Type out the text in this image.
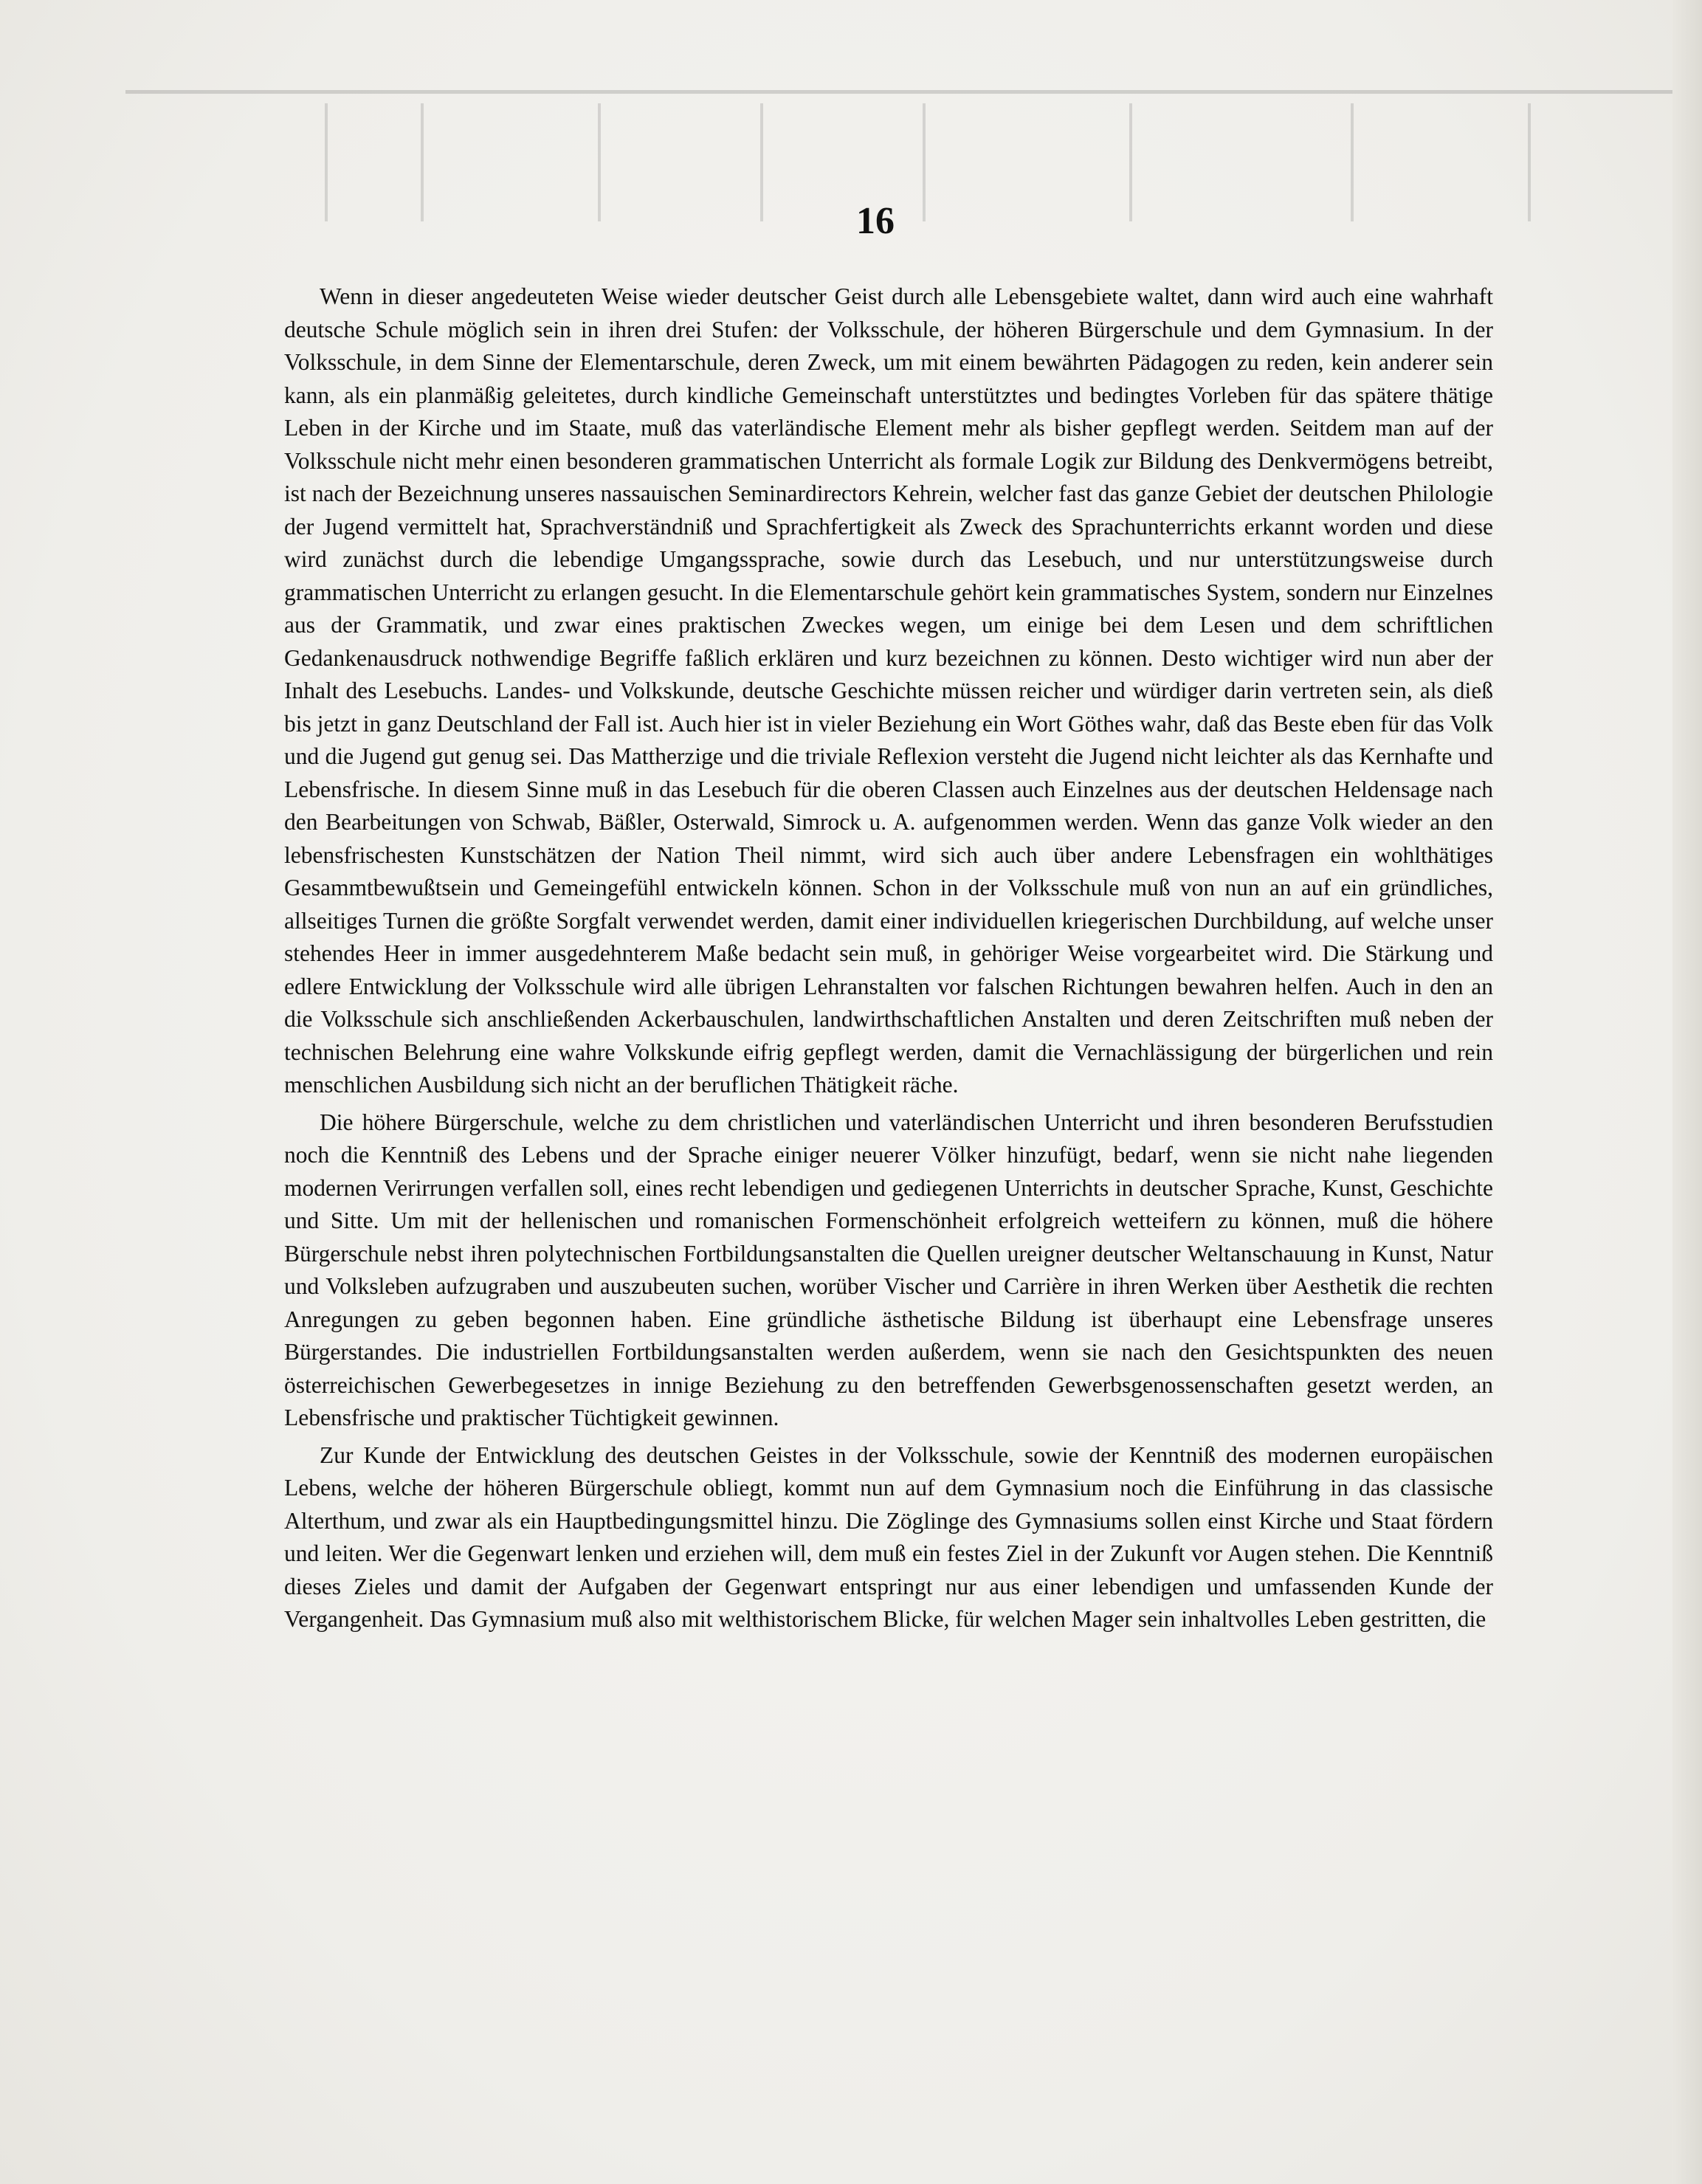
16

Wenn in dieser angedeuteten Weise wieder deutscher Geist durch alle Lebensgebiete waltet, dann wird auch eine wahrhaft deutsche Schule möglich sein in ihren drei Stufen: der Volksschule, der höheren Bürgerschule und dem Gymnasium. In der Volksschule, in dem Sinne der Elementarschule, deren Zweck, um mit einem bewährten Pädagogen zu reden, kein anderer sein kann, als ein planmäßig geleitetes, durch kindliche Gemeinschaft unterstütztes und bedingtes Vorleben für das spätere thätige Leben in der Kirche und im Staate, muß das vaterländische Element mehr als bisher gepflegt werden. Seitdem man auf der Volksschule nicht mehr einen besonderen grammatischen Unterricht als formale Logik zur Bildung des Denkvermögens betreibt, ist nach der Bezeichnung unseres nassauischen Seminardirectors Kehrein, welcher fast das ganze Gebiet der deutschen Philologie der Jugend vermittelt hat, Sprachverständniß und Sprachfertigkeit als Zweck des Sprachunterrichts erkannt worden und diese wird zunächst durch die lebendige Umgangssprache, sowie durch das Lesebuch, und nur unterstützungsweise durch grammatischen Unterricht zu erlangen gesucht. In die Elementarschule gehört kein grammatisches System, sondern nur Einzelnes aus der Grammatik, und zwar eines praktischen Zweckes wegen, um einige bei dem Lesen und dem schriftlichen Gedankenausdruck nothwendige Begriffe faßlich erklären und kurz bezeichnen zu können. Desto wichtiger wird nun aber der Inhalt des Lesebuchs. Landes- und Volkskunde, deutsche Geschichte müssen reicher und würdiger darin vertreten sein, als dieß bis jetzt in ganz Deutschland der Fall ist. Auch hier ist in vieler Beziehung ein Wort Göthes wahr, daß das Beste eben für das Volk und die Jugend gut genug sei. Das Mattherzige und die triviale Reflexion versteht die Jugend nicht leichter als das Kernhafte und Lebensfrische. In diesem Sinne muß in das Lesebuch für die oberen Classen auch Einzelnes aus der deutschen Heldensage nach den Bearbeitungen von Schwab, Bäßler, Osterwald, Simrock u. A. aufgenommen werden. Wenn das ganze Volk wieder an den lebensfrischesten Kunstschätzen der Nation Theil nimmt, wird sich auch über andere Lebensfragen ein wohlthätiges Gesammtbewußtsein und Gemeingefühl entwickeln können. Schon in der Volksschule muß von nun an auf ein gründliches, allseitiges Turnen die größte Sorgfalt verwendet werden, damit einer individuellen kriegerischen Durchbildung, auf welche unser stehendes Heer in immer ausgedehnterem Maße bedacht sein muß, in gehöriger Weise vorgearbeitet wird. Die Stärkung und edlere Entwicklung der Volksschule wird alle übrigen Lehranstalten vor falschen Richtungen bewahren helfen. Auch in den an die Volksschule sich anschließenden Ackerbauschulen, landwirthschaftlichen Anstalten und deren Zeitschriften muß neben der technischen Belehrung eine wahre Volkskunde eifrig gepflegt werden, damit die Vernachlässigung der bürgerlichen und rein menschlichen Ausbildung sich nicht an der beruflichen Thätigkeit räche.

Die höhere Bürgerschule, welche zu dem christlichen und vaterländischen Unterricht und ihren besonderen Berufsstudien noch die Kenntniß des Lebens und der Sprache einiger neuerer Völker hinzufügt, bedarf, wenn sie nicht nahe liegenden modernen Verirrungen verfallen soll, eines recht lebendigen und gediegenen Unterrichts in deutscher Sprache, Kunst, Geschichte und Sitte. Um mit der hellenischen und romanischen Formenschönheit erfolgreich wetteifern zu können, muß die höhere Bürgerschule nebst ihren polytechnischen Fortbildungsanstalten die Quellen ureigner deutscher Weltanschauung in Kunst, Natur und Volksleben aufzugraben und auszubeuten suchen, worüber Vischer und Carrière in ihren Werken über Aesthetik die rechten Anregungen zu geben begonnen haben. Eine gründliche ästhetische Bildung ist überhaupt eine Lebensfrage unseres Bürgerstandes. Die industriellen Fortbildungsanstalten werden außerdem, wenn sie nach den Gesichtspunkten des neuen österreichischen Gewerbegesetzes in innige Beziehung zu den betreffenden Gewerbsgenossenschaften gesetzt werden, an Lebensfrische und praktischer Tüchtigkeit gewinnen.

Zur Kunde der Entwicklung des deutschen Geistes in der Volksschule, sowie der Kenntniß des modernen europäischen Lebens, welche der höheren Bürgerschule obliegt, kommt nun auf dem Gymnasium noch die Einführung in das classische Alterthum, und zwar als ein Hauptbedingungsmittel hinzu. Die Zöglinge des Gymnasiums sollen einst Kirche und Staat fördern und leiten. Wer die Gegenwart lenken und erziehen will, dem muß ein festes Ziel in der Zukunft vor Augen stehen. Die Kenntniß dieses Zieles und damit der Aufgaben der Gegenwart entspringt nur aus einer lebendigen und umfassenden Kunde der Vergangenheit. Das Gymnasium muß also mit welthistorischem Blicke, für welchen Mager sein inhaltvolles Leben gestritten, die
